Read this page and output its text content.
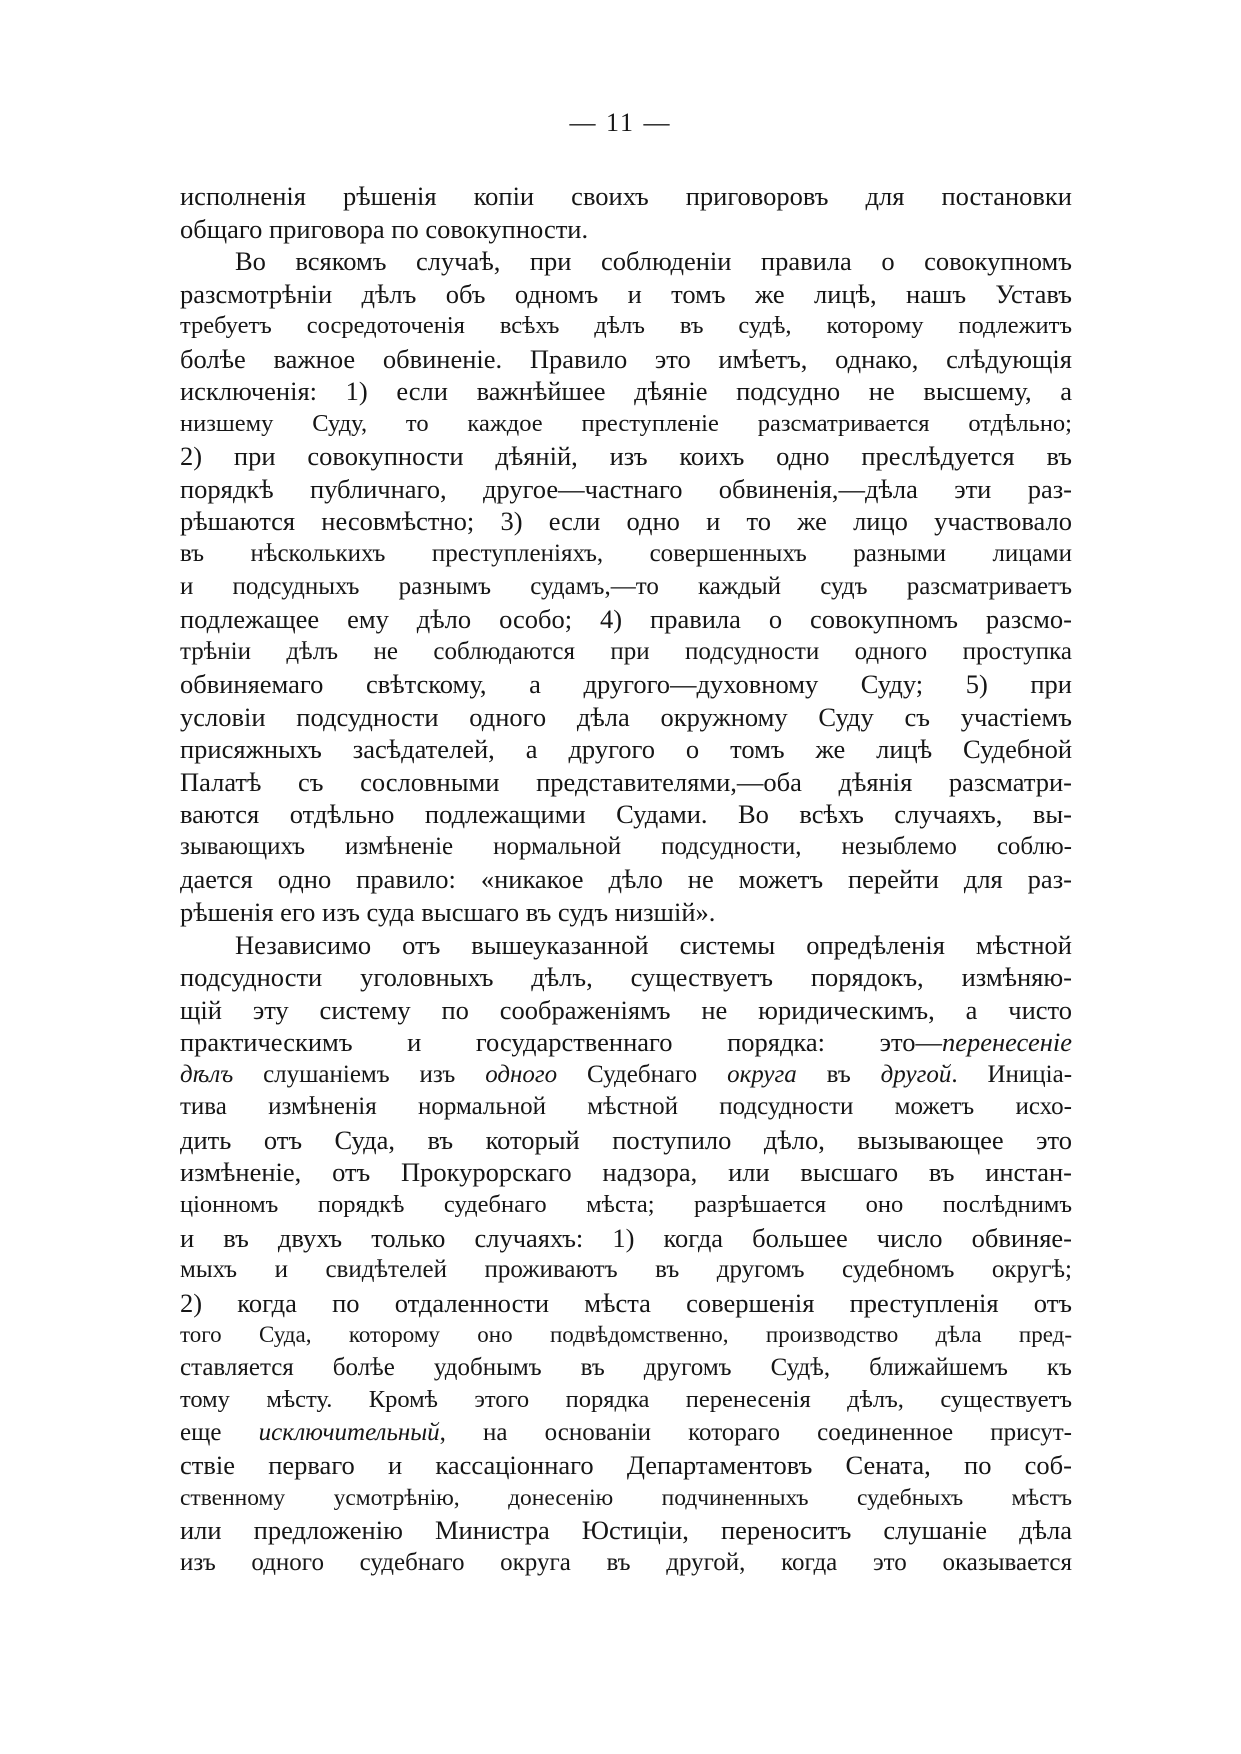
— 11 —
исполненія рѣшенія копіи своихъ приговоровъ для постановки
общаго приговора по совокупности.
Во всякомъ случаѣ, при соблюденіи правила о совокупномъ
разсмотрѣніи дѣлъ объ одномъ и томъ же лицѣ, нашъ Уставъ
требуетъ сосредоточенія всѣхъ дѣлъ въ судѣ, которому подлежитъ
болѣе важное обвиненіе. Правило это имѣетъ, однако, слѣдующія
исключенія: 1) если важнѣйшее дѣяніе подсудно не высшему, а
низшему Суду, то каждое преступленіе разсматривается отдѣльно;
2) при совокупности дѣяній, изъ коихъ одно преслѣдуется въ
порядкѣ публичнаго, другое—частнаго обвиненія,—дѣла эти раз-
рѣшаются несовмѣстно; 3) если одно и то же лицо участвовало
въ нѣсколькихъ преступленіяхъ, совершенныхъ разными лицами
и подсудныхъ разнымъ судамъ,—то каждый судъ разсматриваетъ
подлежащее ему дѣло особо; 4) правила о совокупномъ разсмо-
трѣніи дѣлъ не соблюдаются при подсудности одного проступка
обвиняемаго свѣтскому, а другого—духовному Суду; 5) при
условіи подсудности одного дѣла окружному Суду съ участіемъ
присяжныхъ засѣдателей, а другого о томъ же лицѣ Судебной
Палатѣ съ сословными представителями,—оба дѣянія разсматри-
ваются отдѣльно подлежащими Судами. Во всѣхъ случаяхъ, вы-
зывающихъ измѣненіе нормальной подсудности, незыблемо соблю-
дается одно правило: «никакое дѣло не можетъ перейти для раз-
рѣшенія его изъ суда высшаго въ судъ низшій».
Независимо отъ вышеуказанной системы опредѣленія мѣстной
подсудности уголовныхъ дѣлъ, существуетъ порядокъ, измѣняю-
щій эту систему по соображеніямъ не юридическимъ, а чисто
практическимъ и государственнаго порядка: это—перенесеніе
дѣлъ слушаніемъ изъ одного Судебнаго округа въ другой. Иниціа-
тива измѣненія нормальной мѣстной подсудности можетъ исхо-
дить отъ Суда, въ который поступило дѣло, вызывающее это
измѣненіе, отъ Прокурорскаго надзора, или высшаго въ инстан-
ціонномъ порядкѣ судебнаго мѣста; разрѣшается оно послѣднимъ
и въ двухъ только случаяхъ: 1) когда большее число обвиняе-
мыхъ и свидѣтелей проживаютъ въ другомъ судебномъ округѣ;
2) когда по отдаленности мѣста совершенія преступленія отъ
того Суда, которому оно подвѣдомственно, производство дѣла пред-
ставляется болѣе удобнымъ въ другомъ Судѣ, ближайшемъ къ
тому мѣсту. Кромѣ этого порядка перенесенія дѣлъ, существуетъ
еще исключительный, на основаніи котораго соединенное присут-
ствіе перваго и кассаціоннаго Департаментовъ Сената, по соб-
ственному усмотрѣнію, донесенію подчиненныхъ судебныхъ мѣстъ
или предложенію Министра Юстиціи, переноситъ слушаніе дѣла
изъ одного судебнаго округа въ другой, когда это оказывается
